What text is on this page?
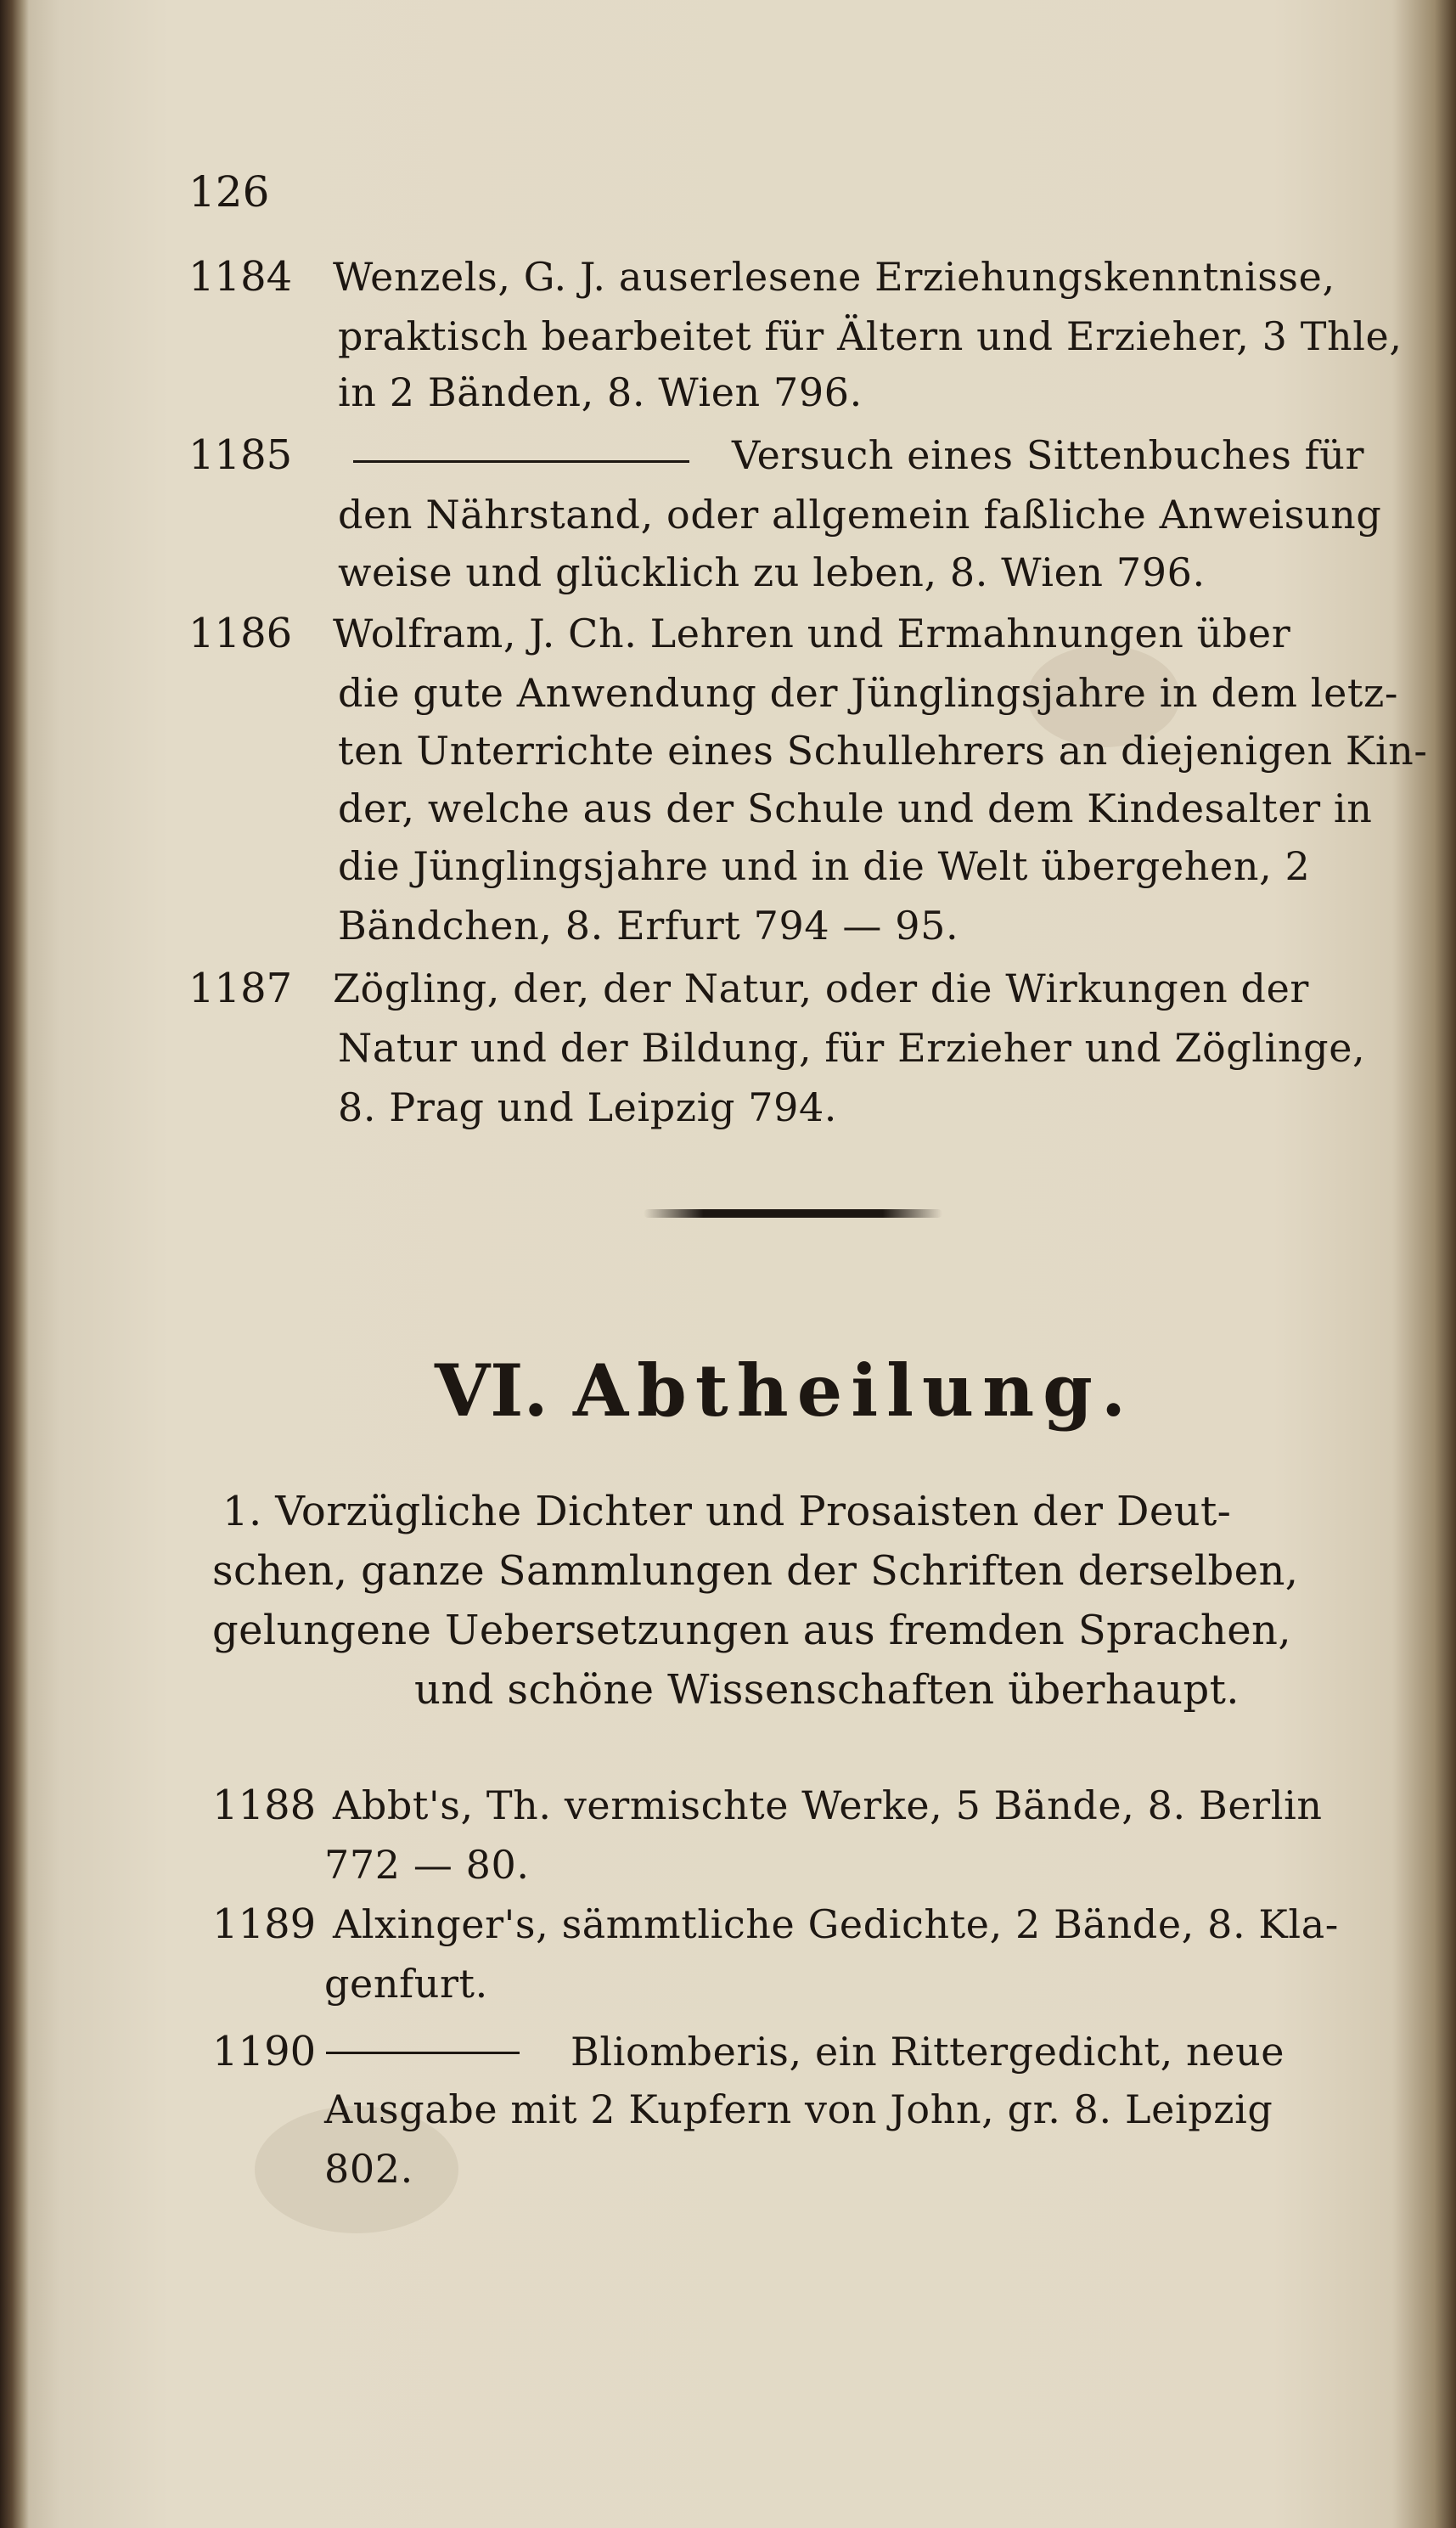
126
1184 Wenzels, G. J. auserlesene Erziehungskenntnisse,
praktisch bearbeitet für Ältern und Erzieher, 3 Thle,
in 2 Bänden, 8. Wien 796.
1185	Versuch eines Sittenbuches für
den Nährstand, oder allgemein faßliche Anweisung
weise und glücklich zu leben, 8. Wien 796.
1186 Wolfram, J. Ch. Lehren und Ermahnungen über
die gute Anwendung der Jünglingsjahre in dem letz-
ten Unterrichte eines Schullehrers an diejenigen Kin-
der, welche aus der Schule und dem Kindesalter in
die Jünglingsjahre und in die Welt übergehen, 2
Bändchen, 8. Erfurt 794 — 95.
1187 Zögling, der, der Natur, oder die Wirkungen der
Natur und der Bildung, für Erzieher und Zöglinge,
8. Prag und Leipzig 794.
VI. Abtheilung.
1. Vorzügliche Dichter und Prosaisten der Deut-
schen, ganze Sammlungen der Schriften derselben,
gelungene Uebersetzungen aus fremden Sprachen,
und schöne Wissenschaften überhaupt.
1188 Abbt's, Th. vermischte Werke, 5 Bände, 8. Berlin
772 — 80.
1189 Alxinger's, sämmtliche Gedichte, 2 Bände, 8. Kla-
genfurt.
1190	Bliomberis, ein Rittergedicht, neue
Ausgabe mit 2 Kupfern von John, gr. 8. Leipzig
802.
